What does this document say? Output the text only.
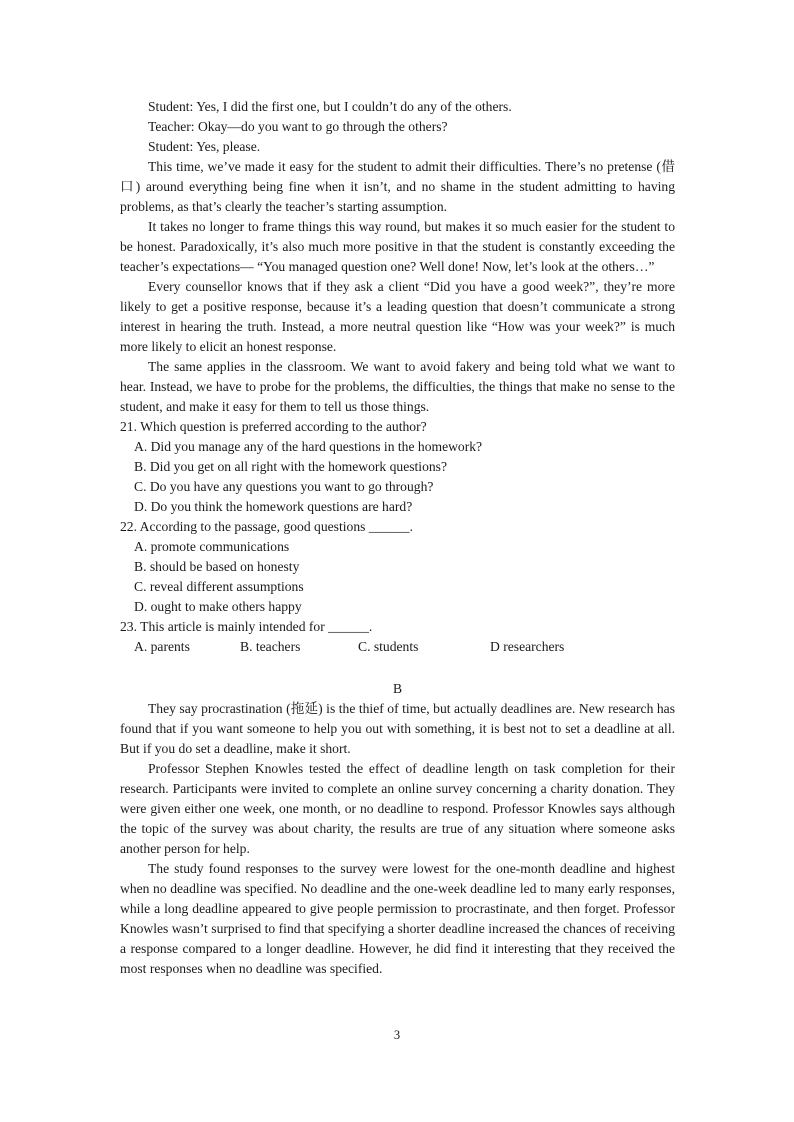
Student: Yes, I did the first one, but I couldn’t do any of the others.

Teacher: Okay—do you want to go through the others?

Student: Yes, please.

This time, we’ve made it easy for the student to admit their difficulties. There’s no pretense (借口) around everything being fine when it isn’t, and no shame in the student admitting to having problems, as that’s clearly the teacher’s starting assumption.

It takes no longer to frame things this way round, but makes it so much easier for the student to be honest. Paradoxically, it’s also much more positive in that the student is constantly exceeding the teacher’s expectations— “You managed question one? Well done! Now, let’s look at the others…”

Every counsellor knows that if they ask a client “Did you have a good week?”, they’re more likely to get a positive response, because it’s a leading question that doesn’t communicate a strong interest in hearing the truth. Instead, a more neutral question like “How was your week?” is much more likely to elicit an honest response.

The same applies in the classroom. We want to avoid fakery and being told what we want to hear. Instead, we have to probe for the problems, the difficulties, the things that make no sense to the student, and make it easy for them to tell us those things.

21. Which question is preferred according to the author?

A. Did you manage any of the hard questions in the homework?

B. Did you get on all right with the homework questions?

C. Do you have any questions you want to go through?

D. Do you think the homework questions are hard?

22. According to the passage, good questions ______.

A. promote communications

B. should be based on honesty

C. reveal different assumptions

D. ought to make others happy

23. This article is mainly intended for ______.

A. parents	B. teachers	C. students	D researchers

B

They say procrastination (拖延) is the thief of time, but actually deadlines are. New research has found that if you want someone to help you out with something, it is best not to set a deadline at all. But if you do set a deadline, make it short.

Professor Stephen Knowles tested the effect of deadline length on task completion for their research. Participants were invited to complete an online survey concerning a charity donation. They were given either one week, one month, or no deadline to respond. Professor Knowles says although the topic of the survey was about charity, the results are true of any situation where someone asks another person for help.

The study found responses to the survey were lowest for the one-month deadline and highest when no deadline was specified. No deadline and the one-week deadline led to many early responses, while a long deadline appeared to give people permission to procrastinate, and then forget. Professor Knowles wasn’t surprised to find that specifying a shorter deadline increased the chances of receiving a response compared to a longer deadline. However, he did find it interesting that they received the most responses when no deadline was specified.

3
